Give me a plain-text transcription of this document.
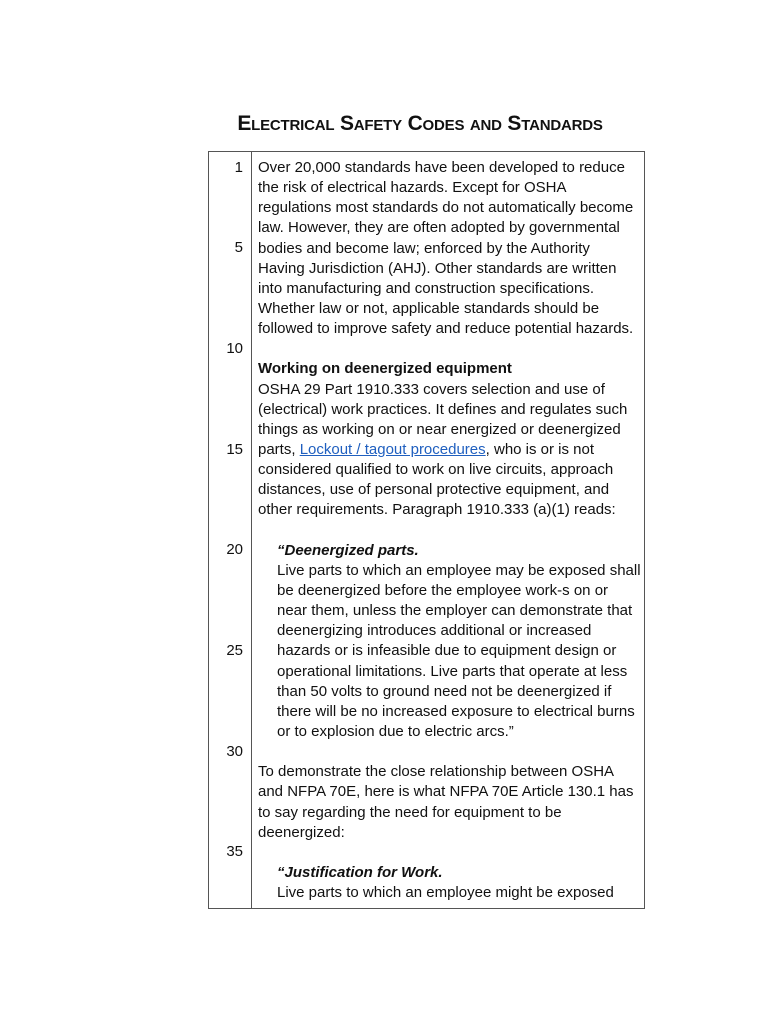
Electrical Safety Codes and Standards
1
5
10
15
20
25
30
35
Over 20,000 standards have been developed to reduce
the risk of electrical hazards. Except for OSHA
regulations most standards do not automatically become
law. However, they are often adopted by governmental
bodies and become law; enforced by the Authority
Having Jurisdiction (AHJ). Other standards are written
into manufacturing and construction specifications.
Whether law or not, applicable standards should be
followed to improve safety and reduce potential hazards.
Working on deenergized equipment
OSHA 29 Part 1910.333 covers selection and use of
(electrical) work practices. It defines and regulates such
things as working on or near energized or deenergized
parts, Lockout / tagout procedures, who is or is not
considered qualified to work on live circuits, approach
distances, use of personal protective equipment, and
other requirements. Paragraph 1910.333 (a)(1) reads:
“Deenergized parts.
Live parts to which an employee may be exposed shall
be deenergized before the employee work-s on or
near them, unless the employer can demonstrate that
deenergizing introduces additional or increased
hazards or is infeasible due to equipment design or
operational limitations. Live parts that operate at less
than 50 volts to ground need not be deenergized if
there will be no increased exposure to electrical burns
or to explosion due to electric arcs.”
To demonstrate the close relationship between OSHA
and NFPA 70E, here is what NFPA 70E Article 130.1 has
to say regarding the need for equipment to be
deenergized:
“Justification for Work.
Live parts to which an employee might be exposed
